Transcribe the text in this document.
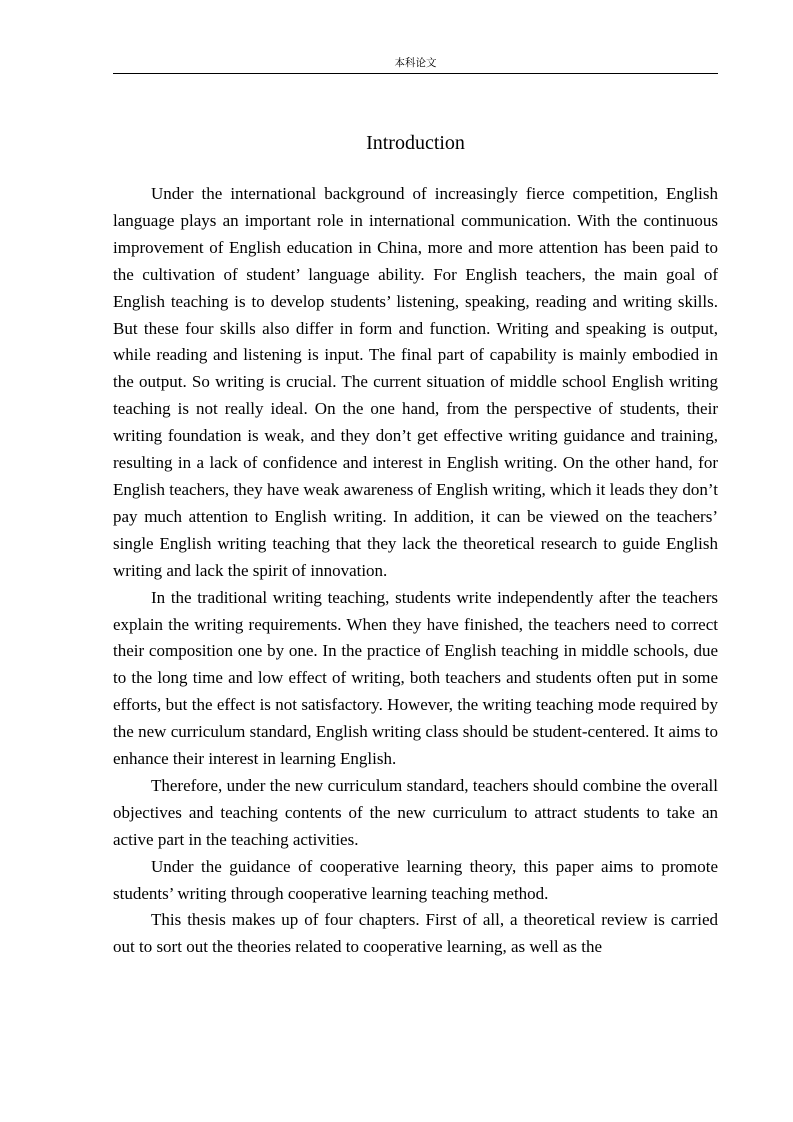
本科论文
Introduction

Under the international background of increasingly fierce competition, English language plays an important role in international communication. With the continuous improvement of English education in China, more and more attention has been paid to the cultivation of student’ language ability. For English teachers, the main goal of English teaching is to develop students’ listening, speaking, reading and writing skills. But these four skills also differ in form and function. Writing and speaking is output, while reading and listening is input. The final part of capability is mainly embodied in the output. So writing is crucial. The current situation of middle school English writing teaching is not really ideal. On the one hand, from the perspective of students, their writing foundation is weak, and they don’t get effective writing guidance and training, resulting in a lack of confidence and interest in English writing. On the other hand, for English teachers, they have weak awareness of English writing, which it leads they don’t pay much attention to English writing. In addition, it can be viewed on the teachers’ single English writing teaching that they lack the theoretical research to guide English writing and lack the spirit of innovation.

In the traditional writing teaching, students write independently after the teachers explain the writing requirements. When they have finished, the teachers need to correct their composition one by one. In the practice of English teaching in middle schools, due to the long time and low effect of writing, both teachers and students often put in some efforts, but the effect is not satisfactory. However, the writing teaching mode required by the new curriculum standard, English writing class should be student-centered. It aims to enhance their interest in learning English.

Therefore, under the new curriculum standard, teachers should combine the overall objectives and teaching contents of the new curriculum to attract students to take an active part in the teaching activities.

Under the guidance of cooperative learning theory, this paper aims to promote students’ writing through cooperative learning teaching method.

This thesis makes up of four chapters. First of all, a theoretical review is carried out to sort out the theories related to cooperative learning, as well as the
